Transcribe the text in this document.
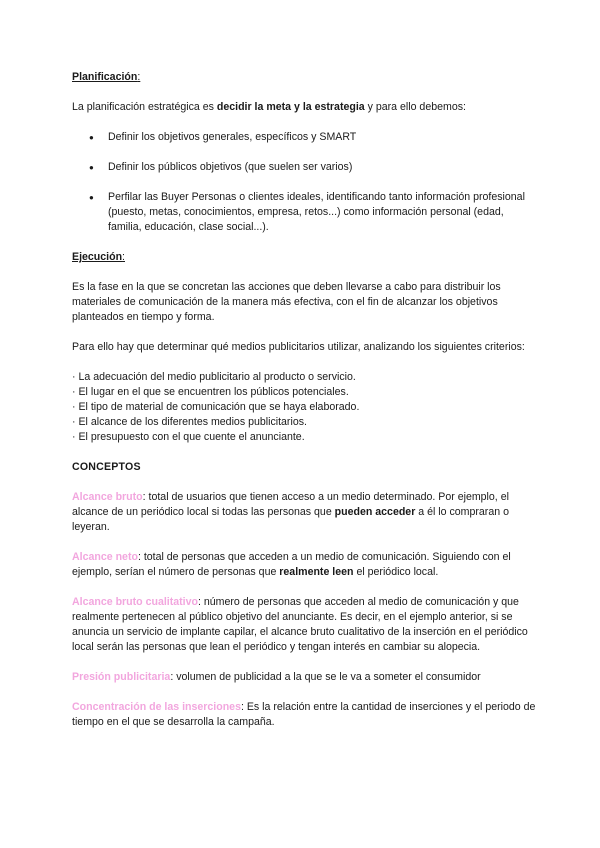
Planificación:

La planificación estratégica es decidir la meta y la estrategia y para ello debemos:

● Definir los objetivos generales, específicos y SMART
● Definir los públicos objetivos (que suelen ser varios)
● Perfilar las Buyer Personas o clientes ideales, identificando tanto información profesional (puesto, metas, conocimientos, empresa, retos...) como información personal (edad, familia, educación, clase social...).

Ejecución:

Es la fase en la que se concretan las acciones que deben llevarse a cabo para distribuir los materiales de comunicación de la manera más efectiva, con el fin de alcanzar los objetivos planteados en tiempo y forma.

Para ello hay que determinar qué medios publicitarios utilizar, analizando los siguientes criterios:

· La adecuación del medio publicitario al producto o servicio.
· El lugar en el que se encuentren los públicos potenciales.
· El tipo de material de comunicación que se haya elaborado.
· El alcance de los diferentes medios publicitarios.
· El presupuesto con el que cuente el anunciante.

CONCEPTOS

Alcance bruto: total de usuarios que tienen acceso a un medio determinado. Por ejemplo, el alcance de un periódico local si todas las personas que pueden acceder a él lo compraran o leyeran.

Alcance neto: total de personas que acceden a un medio de comunicación. Siguiendo con el ejemplo, serían el número de personas que realmente leen el periódico local.

Alcance bruto cualitativo: número de personas que acceden al medio de comunicación y que realmente pertenecen al público objetivo del anunciante. Es decir, en el ejemplo anterior, si se anuncia un servicio de implante capilar, el alcance bruto cualitativo de la inserción en el periódico local serán las personas que lean el periódico y tengan interés en cambiar su alopecia.

Presión publicitaria: volumen de publicidad a la que se le va a someter el consumidor

Concentración de las inserciones: Es la relación entre la cantidad de inserciones y el periodo de tiempo en el que se desarrolla la campaña.
